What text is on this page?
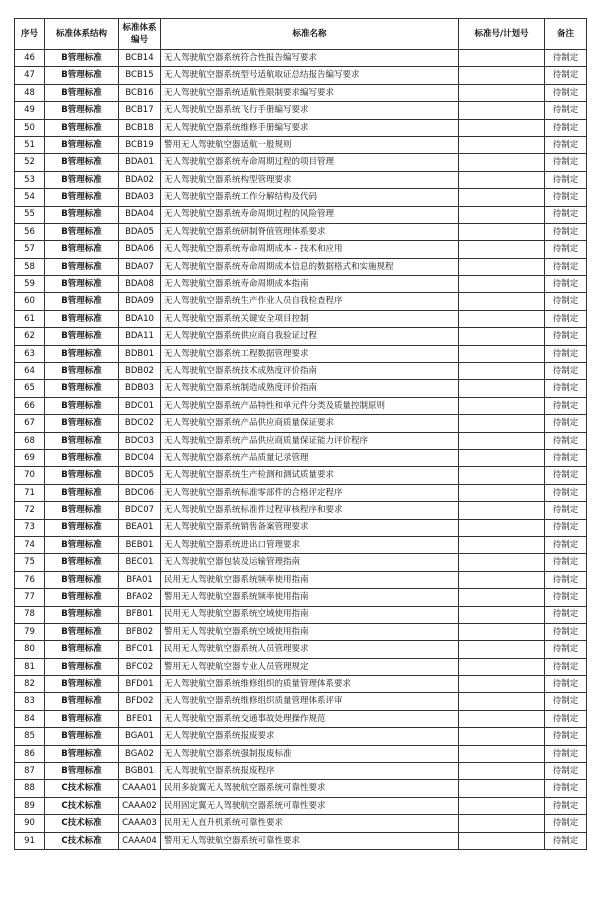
序号	标准体系结构	标准体系编号	标准名称	标准号/计划号	备注
46	B管理标准	BCB14	无人驾驶航空器系统符合性报告编写要求		待制定
47	B管理标准	BCB15	无人驾驶航空器系统型号适航取证总结报告编写要求		待制定
48	B管理标准	BCB16	无人驾驶航空器系统适航性限制要求编写要求		待制定
49	B管理标准	BCB17	无人驾驶航空器系统飞行手册编写要求		待制定
50	B管理标准	BCB18	无人驾驶航空器系统维修手册编写要求		待制定
51	B管理标准	BCB19	警用无人驾驶航空器适航一般规则		待制定
52	B管理标准	BDA01	无人驾驶航空器系统寿命周期过程的项目管理		待制定
53	B管理标准	BDA02	无人驾驶航空器系统构型管理要求		待制定
54	B管理标准	BDA03	无人驾驶航空器系统工作分解结构及代码		待制定
55	B管理标准	BDA04	无人驾驶航空器系统寿命周期过程的风险管理		待制定
56	B管理标准	BDA05	无人驾驶航空器系统研制脊值管理体系要求		待制定
57	B管理标准	BDA06	无人驾驶航空器系统寿命周期成本 - 技术和应用		待制定
58	B管理标准	BDA07	无人驾驶航空器系统寿命周期成本信息的数据格式和实施规程		待制定
59	B管理标准	BDA08	无人驾驶航空器系统寿命周期成本指南		待制定
60	B管理标准	BDA09	无人驾驶航空器系统生产作业人员自我检查程序		待制定
61	B管理标准	BDA10	无人驾驶航空器系统关键安全项目控制		待制定
62	B管理标准	BDA11	无人驾驶航空器系统供应商自我验证过程		待制定
63	B管理标准	BDB01	无人驾驶航空器系统工程数据管理要求		待制定
64	B管理标准	BDB02	无人驾驶航空器系统技术成熟度评价指南		待制定
65	B管理标准	BDB03	无人驾驶航空器系统制造成熟度评价指南		待制定
66	B管理标准	BDC01	无人驾驶航空器系统产品特性和单元件分类及质量控制原则		待制定
67	B管理标准	BDC02	无人驾驶航空器系统产品供应商质量保证要求		待制定
68	B管理标准	BDC03	无人驾驶航空器系统产品供应商质量保证能力评价程序		待制定
69	B管理标准	BDC04	无人驾驶航空器系统产品质量记录管理		待制定
70	B管理标准	BDC05	无人驾驶航空器系统生产检测和测试质量要求		待制定
71	B管理标准	BDC06	无人驾驶航空器系统标准零部件的合格评定程序		待制定
72	B管理标准	BDC07	无人驾驶航空器系统标准件过程审核程序和要求		待制定
73	B管理标准	BEA01	无人驾驶航空器系统销售备案管理要求		待制定
74	B管理标准	BEB01	无人驾驶航空器系统进出口管理要求		待制定
75	B管理标准	BEC01	无人驾驶航空器包装及运输管理指南		待制定
76	B管理标准	BFA01	民用无人驾驶航空器系统频率使用指南		待制定
77	B管理标准	BFA02	警用无人驾驶航空器系统频率使用指南		待制定
78	B管理标准	BFB01	民用无人驾驶航空器系统空域使用指南		待制定
79	B管理标准	BFB02	警用无人驾驶航空器系统空域使用指南		待制定
80	B管理标准	BFC01	民用无人驾驶航空器系统人员管理要求		待制定
81	B管理标准	BFC02	警用无人驾驶航空器专业人员管理规定		待制定
82	B管理标准	BFD01	无人驾驶航空器系统维修组织的质量管理体系要求		待制定
83	B管理标准	BFD02	无人驾驶航空器系统维修组织质量管理体系评审		待制定
84	B管理标准	BFE01	无人驾驶航空器系统交通事故处理操作规范		待制定
85	B管理标准	BGA01	无人驾驶航空器系统报废要求		待制定
86	B管理标准	BGA02	无人驾驶航空器系统强制报废标准		待制定
87	B管理标准	BGB01	无人驾驶航空器系统报废程序		待制定
88	C技术标准	CAAA01	民用多旋翼无人驾驶航空器系统可靠性要求		待制定
89	C技术标准	CAAA02	民用固定翼无人驾驶航空器系统可靠性要求		待制定
90	C技术标准	CAAA03	民用无人直升机系统可靠性要求		待制定
91	C技术标准	CAAA04	警用无人驾驶航空器系统可靠性要求		待制定
